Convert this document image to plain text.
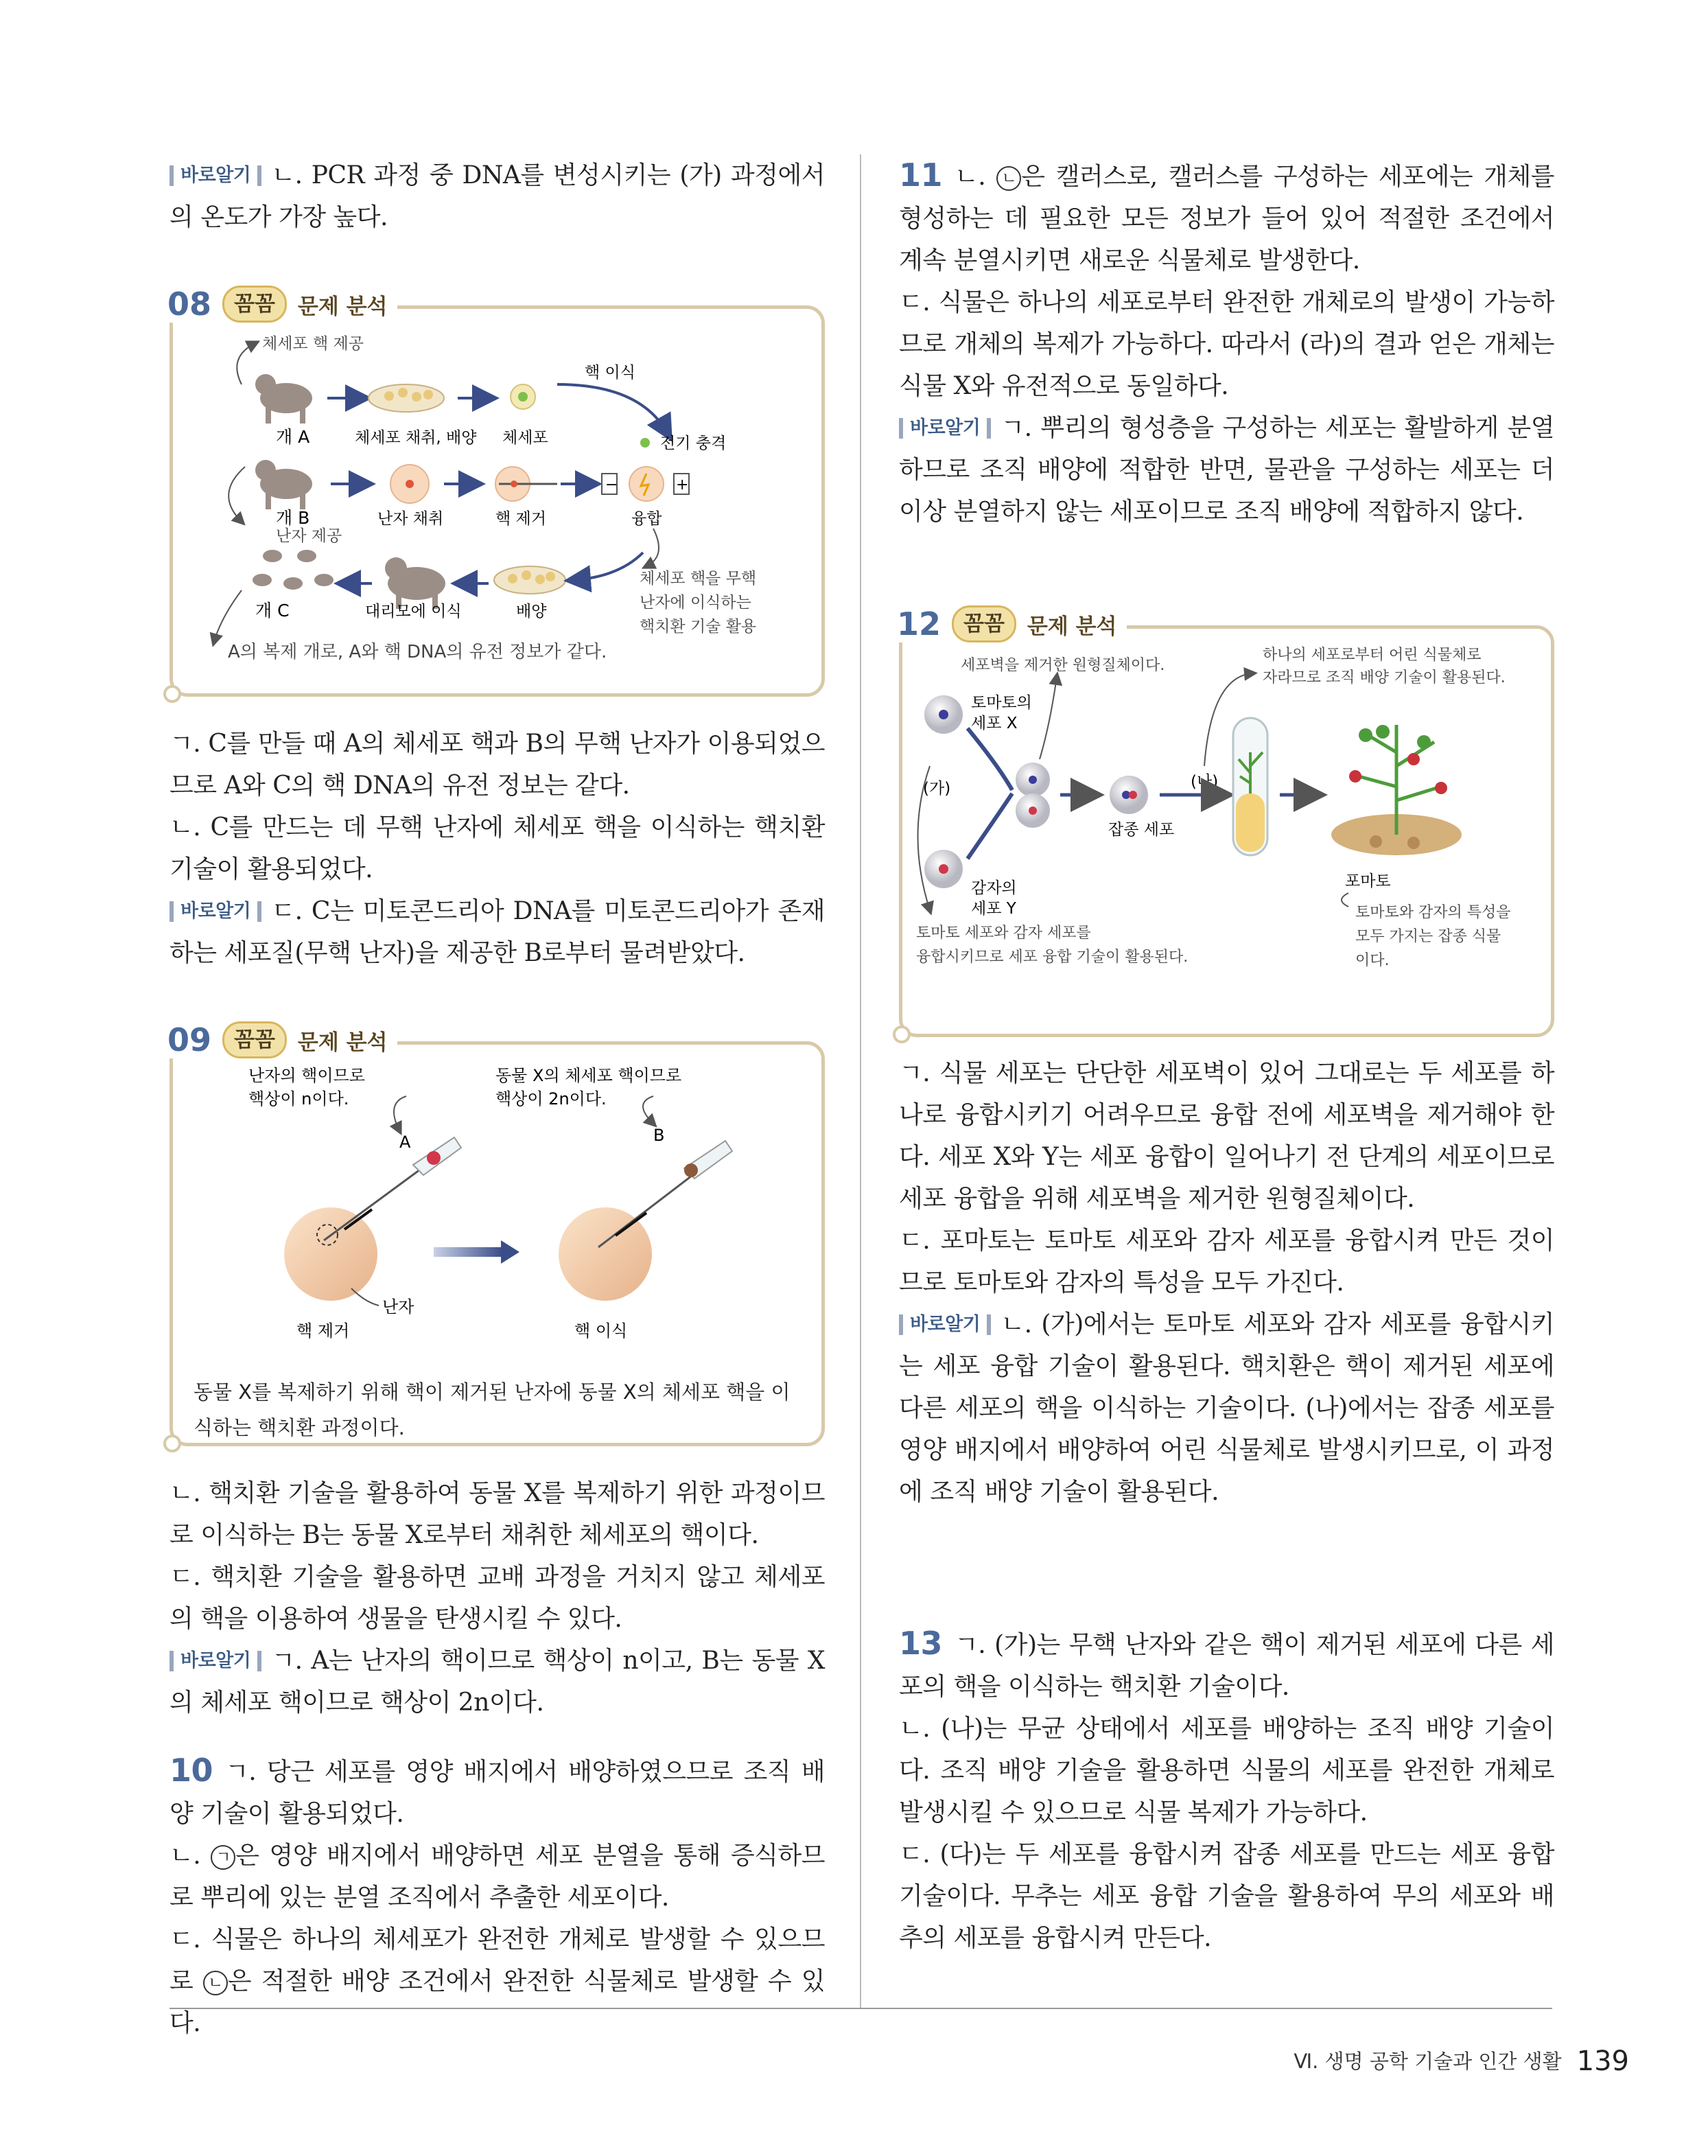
바로알기 ㄴ. PCR 과정 중 DNA를 변성시키는 (가) 과정에서의 온도가 가장 높다.

08	꼼꼼	문제 분석
체세포 핵 제공
개 A	체세포 채취, 배양 체세포
핵 이식
전기 충격
개 B
난자 제공
난자 채취	핵 제거
−	+
융합
개 C	대리모에 이식	배양
체세포 핵을 무핵
난자에 이식하는
핵치환 기술 활용
A의 복제 개로, A와 핵 DNA의 유전 정보가 같다.

ㄱ. C를 만들 때 A의 체세포 핵과 B의 무핵 난자가 이용되었으므로 A와 C의 핵 DNA의 유전 정보는 같다.

ㄴ. C를 만드는 데 무핵 난자에 체세포 핵을 이식하는 핵치환 기술이 활용되었다.

바로알기 ㄷ. C는 미토콘드리아 DNA를 미토콘드리아가 존재하는 세포질(무핵 난자)을 제공한 B로부터 물려받았다.

09	꼼꼼	문제 분석
난자의 핵이므로
핵상이 n이다.
동물 X의 체세포 핵이므로
핵상이 2n이다.
A	B
난자
핵 제거	핵 이식
동물 X를 복제하기 위해 핵이 제거된 난자에 동물 X의 체세포 핵을 이식하는 핵치환 과정이다.

ㄴ. 핵치환 기술을 활용하여 동물 X를 복제하기 위한 과정이므로 이식하는 B는 동물 X로부터 채취한 체세포의 핵이다.

ㄷ. 핵치환 기술을 활용하면 교배 과정을 거치지 않고 체세포의 핵을 이용하여 생물을 탄생시킬 수 있다.

바로알기 ㄱ. A는 난자의 핵이므로 핵상이 n이고, B는 동물 X의 체세포 핵이므로 핵상이 2n이다.

10 ㄱ. 당근 세포를 영양 배지에서 배양하였으므로 조직 배양 기술이 활용되었다.

ㄴ. ㄱ 은 영양 배지에서 배양하면 세포 분열을 통해 증식하므로 뿌리에 있는 분열 조직에서 추출한 세포이다.

ㄷ. 식물은 하나의 체세포가 완전한 개체로 발생할 수 있으므로 ㄴ 은 적절한 배양 조건에서 완전한 식물체로 발생할 수 있다.

11 ㄴ. ㄴ 은 캘러스로, 캘러스를 구성하는 세포에는 개체를 형성하는 데 필요한 모든 정보가 들어 있어 적절한 조건에서 계속 분열시키면 새로운 식물체로 발생한다.

ㄷ. 식물은 하나의 세포로부터 완전한 개체로의 발생이 가능하므로 개체의 복제가 가능하다. 따라서 (라)의 결과 얻은 개체는 식물 X와 유전적으로 동일하다.

바로알기 ㄱ. 뿌리의 형성층을 구성하는 세포는 활발하게 분열하므로 조직 배양에 적합한 반면, 물관을 구성하는 세포는 더 이상 분열하지 않는 세포이므로 조직 배양에 적합하지 않다.

12	꼼꼼	문제 분석
세포벽을 제거한 원형질체이다.
하나의 세포로부터 어린 식물체로
자라므로 조직 배양 기술이 활용된다.
토마토의
세포 X
감자의
세포 Y
(가)
잡종 세포
(나)
포마토
토마토 세포와 감자 세포를
융합시키므로 세포 융합 기술이 활용된다.
토마토와 감자의 특성을
모두 가지는 잡종 식물
이다.

ㄱ. 식물 세포는 단단한 세포벽이 있어 그대로는 두 세포를 하나로 융합시키기 어려우므로 융합 전에 세포벽을 제거해야 한다. 세포 X와 Y는 세포 융합이 일어나기 전 단계의 세포이므로 세포 융합을 위해 세포벽을 제거한 원형질체이다.

ㄷ. 포마토는 토마토 세포와 감자 세포를 융합시켜 만든 것이므로 토마토와 감자의 특성을 모두 가진다.

바로알기 ㄴ. (가)에서는 토마토 세포와 감자 세포를 융합시키는 세포 융합 기술이 활용된다. 핵치환은 핵이 제거된 세포에 다른 세포의 핵을 이식하는 기술이다. (나)에서는 잡종 세포를 영양 배지에서 배양하여 어린 식물체로 발생시키므로, 이 과정에 조직 배양 기술이 활용된다.

13 ㄱ. (가)는 무핵 난자와 같은 핵이 제거된 세포에 다른 세포의 핵을 이식하는 핵치환 기술이다.

ㄴ. (나)는 무균 상태에서 세포를 배양하는 조직 배양 기술이다. 조직 배양 기술을 활용하면 식물의 세포를 완전한 개체로 발생시킬 수 있으므로 식물 복제가 가능하다.

ㄷ. (다)는 두 세포를 융합시켜 잡종 세포를 만드는 세포 융합 기술이다. 무추는 세포 융합 기술을 활용하여 무의 세포와 배추의 세포를 융합시켜 만든다.

Ⅵ. 생명 공학 기술과 인간 생활 139
